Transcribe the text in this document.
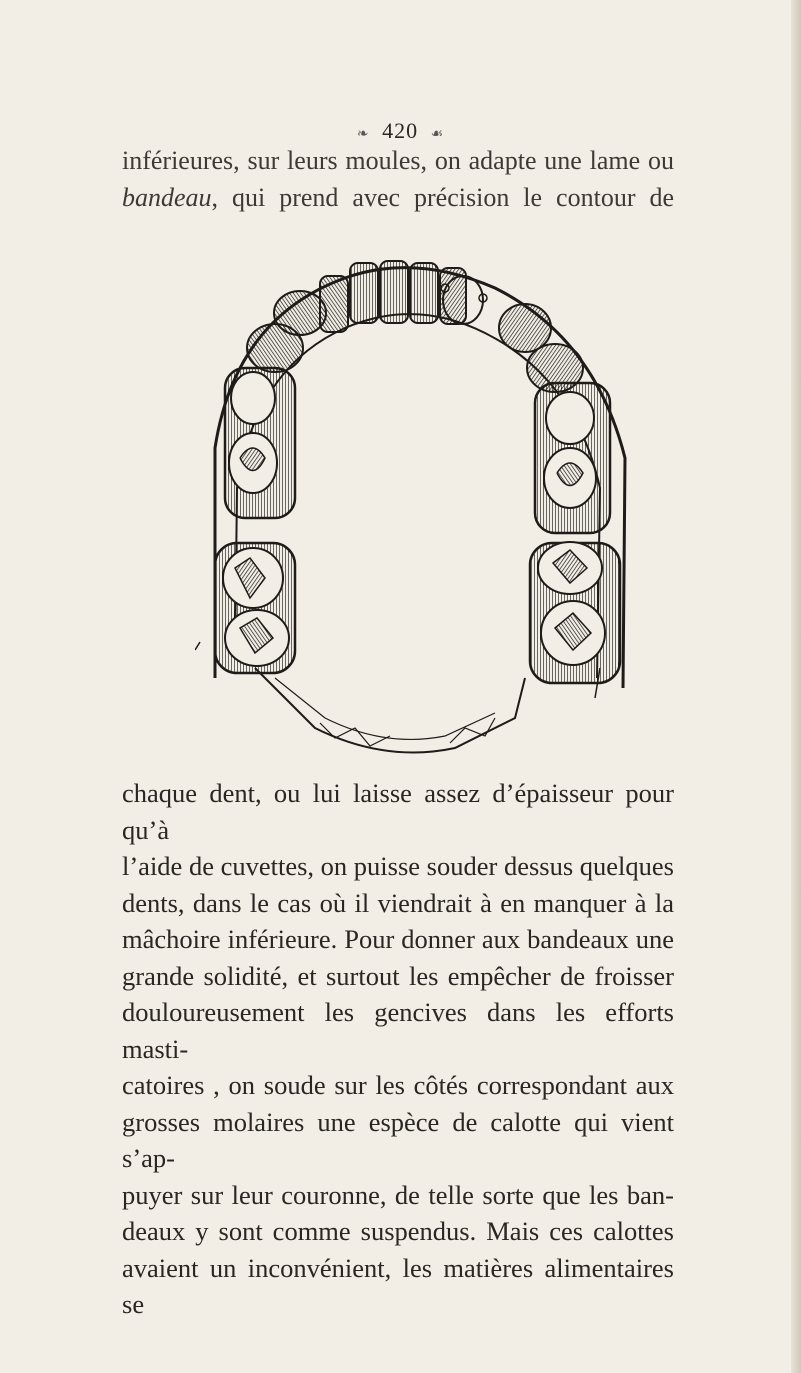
❧ 420 ☙

inférieures, sur leurs moules, on adapte une lame ou

bandeau, qui prend avec précision le contour de

chaque dent, ou lui laisse assez d’épaisseur pour qu’à
l’aide de cuvettes, on puisse souder dessus quelques
dents, dans le cas où il viendrait à en manquer à la
mâchoire inférieure. Pour donner aux bandeaux une
grande solidité, et surtout les empêcher de froisser
douloureusement les gencives dans les efforts masti-
catoires , on soude sur les côtés correspondant aux
grosses molaires une espèce de calotte qui vient s’ap-
puyer sur leur couronne, de telle sorte que les ban-
deaux y sont comme suspendus. Mais ces calottes
avaient un inconvénient, les matières alimentaires se
